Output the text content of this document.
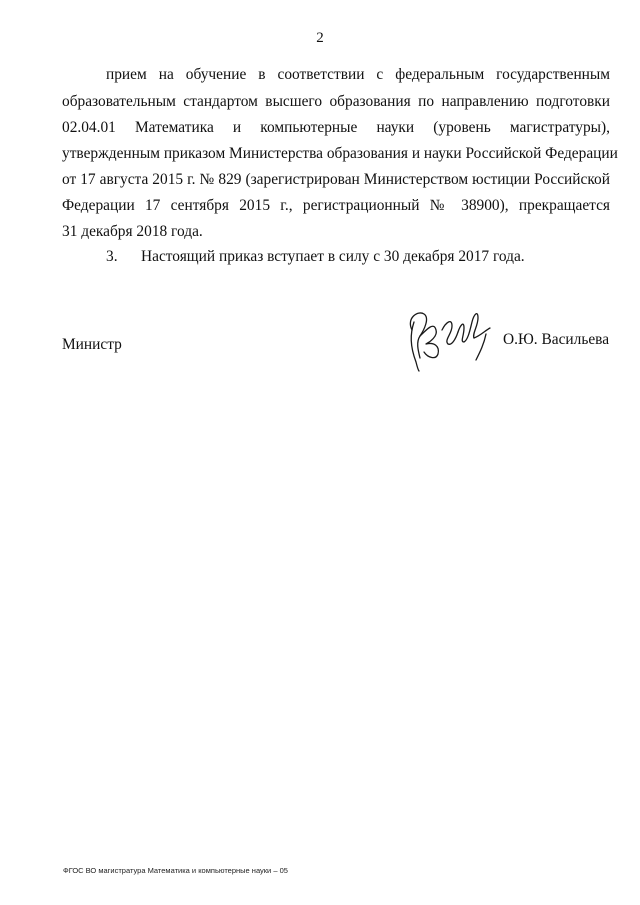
2
прием на обучение в соответствии с федеральным государственным
образовательным стандартом высшего образования по направлению подготовки
02.04.01 Математика и компьютерные науки (уровень магистратуры),
утвержденным приказом Министерства образования и науки Российской Федерации
от 17 августа 2015 г. № 829 (зарегистрирован Министерством юстиции Российской
Федерации 17 сентября 2015 г., регистрационный № 38900), прекращается
31 декабря 2018 года.
3. Настоящий приказ вступает в силу с 30 декабря 2017 года.
Министр	О.Ю. Васильева
ФГОС ВО магистратура Математика и компьютерные науки – 05
